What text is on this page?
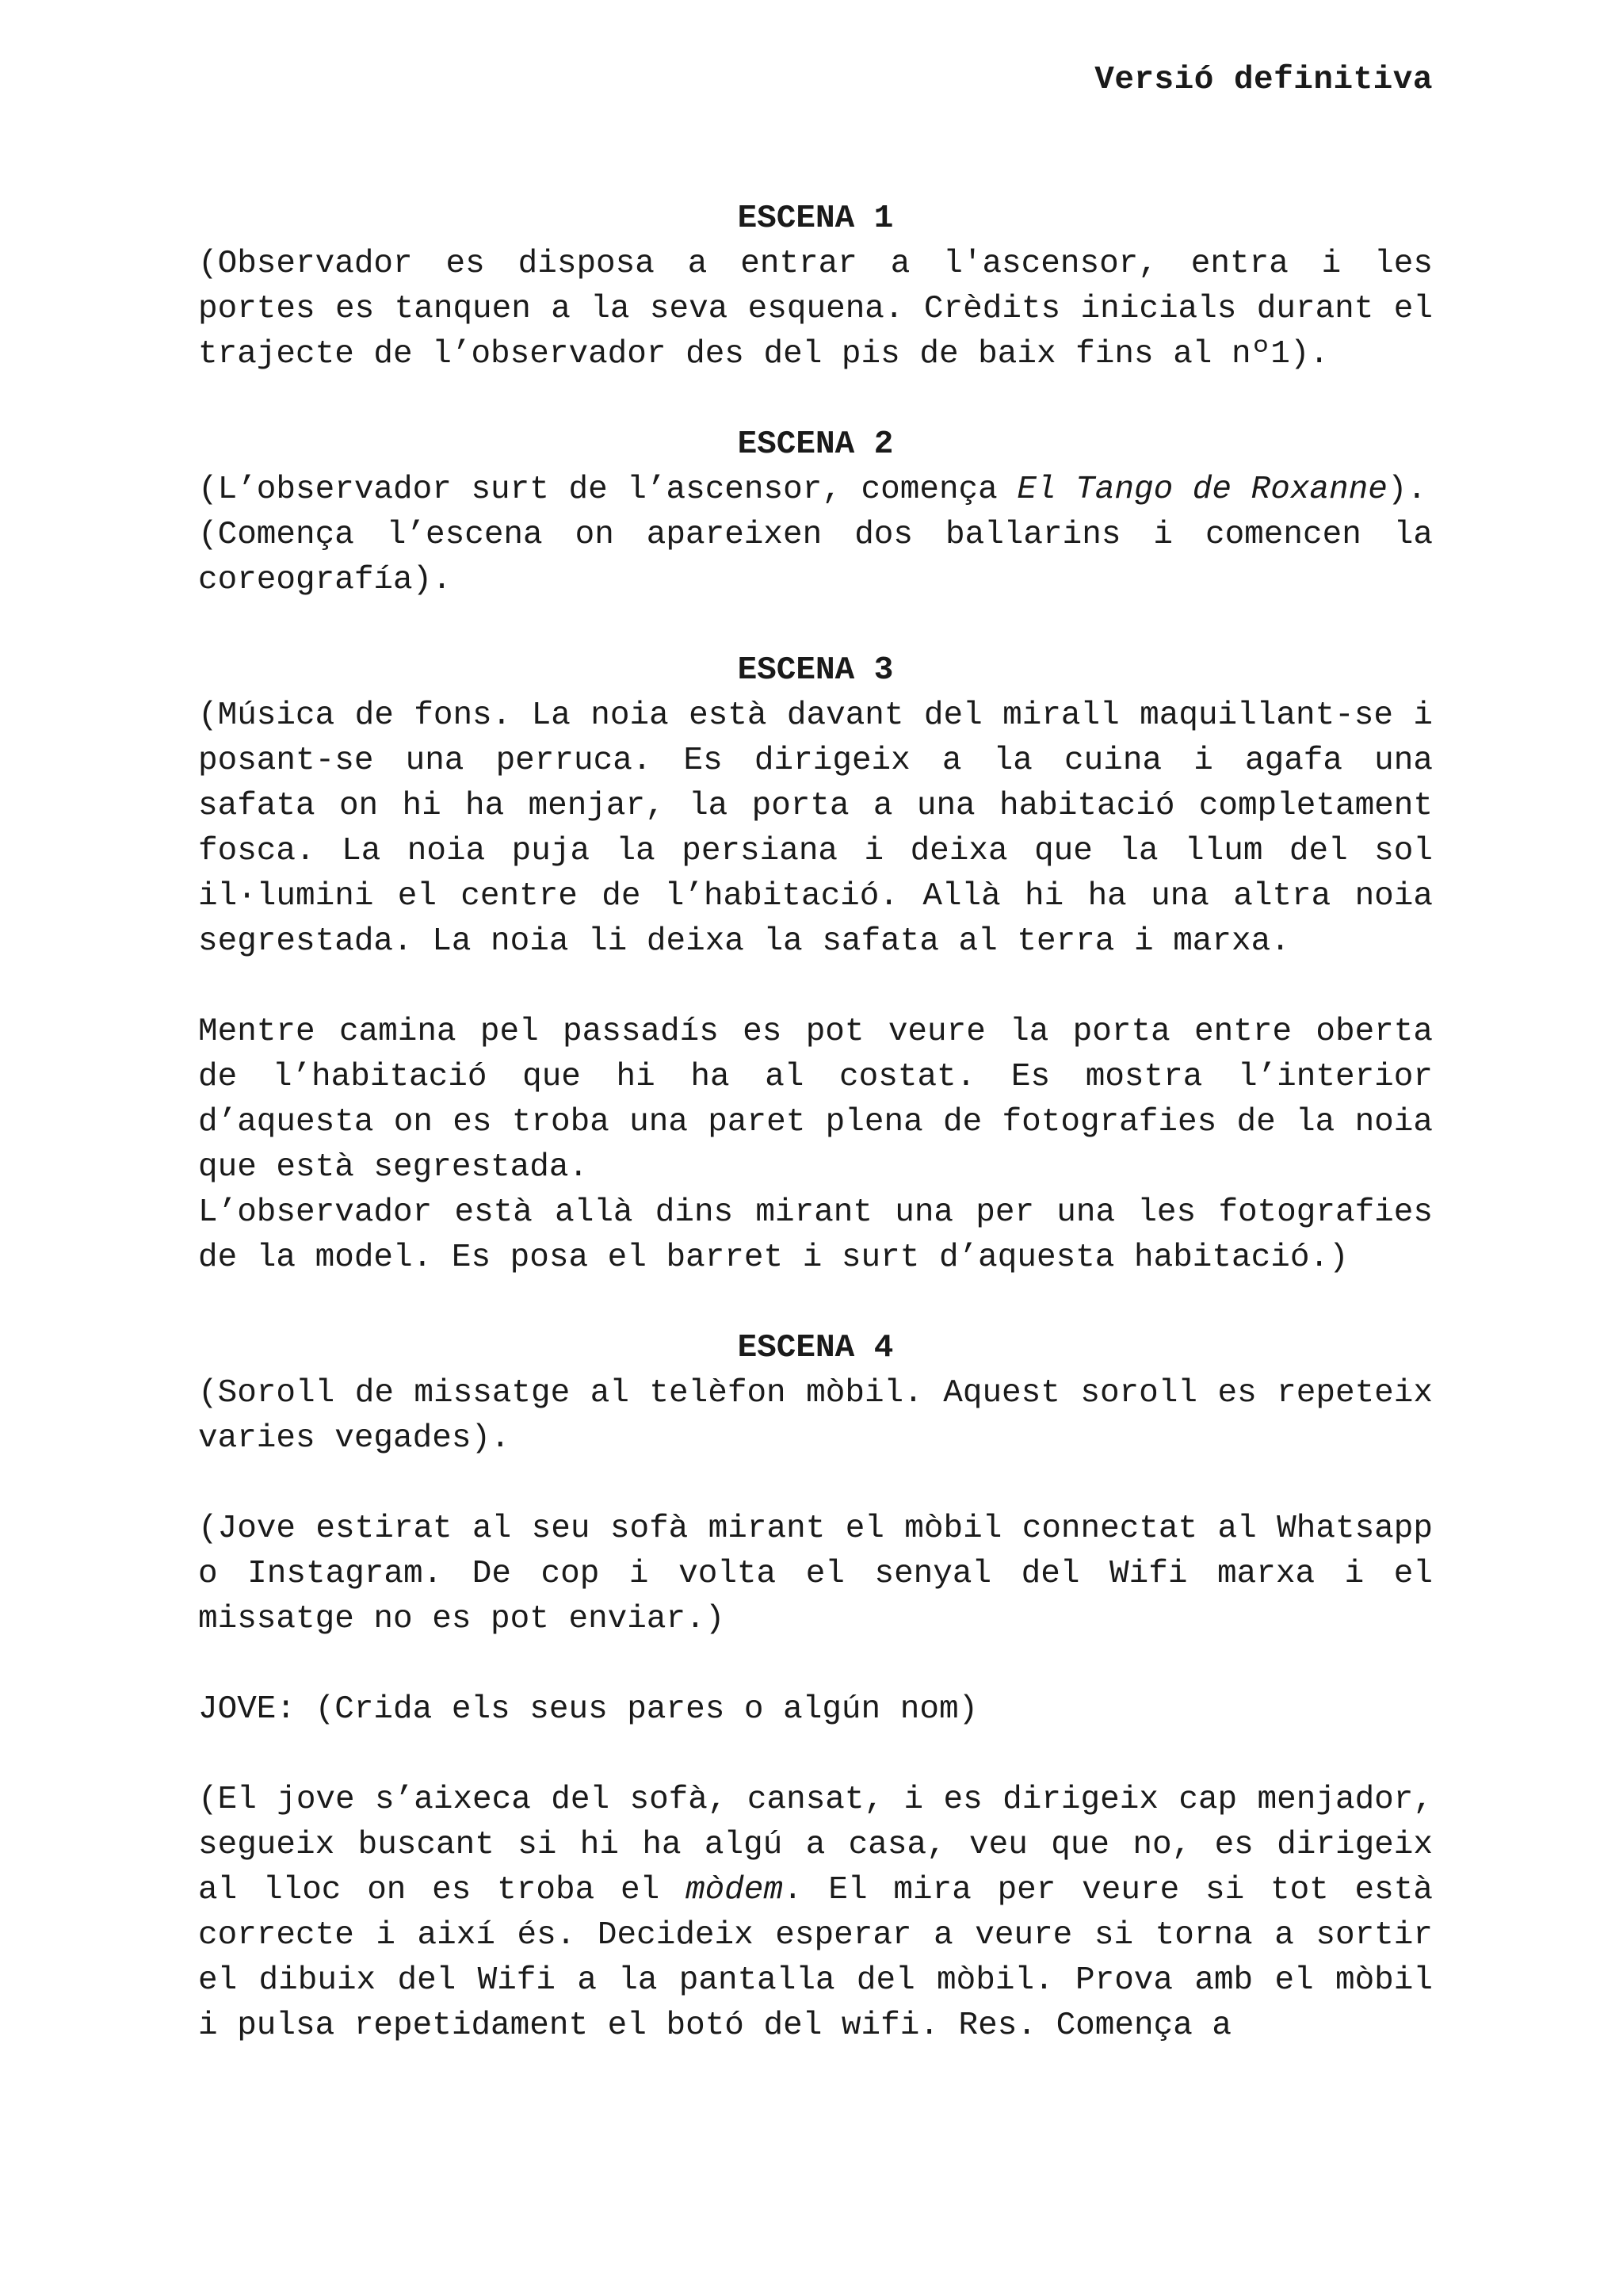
Versió definitiva

ESCENA 1

(Observador es disposa a entrar a l'ascensor, entra i les portes es tanquen a la seva esquena. Crèdits inicials durant el trajecte de l’observador des del pis de baix fins al nº1).

ESCENA 2

(L’observador surt de l’ascensor, comença El Tango de Roxanne).

(Comença l’escena on apareixen dos ballarins i comencen la coreografía).

ESCENA 3

(Música de fons. La noia està davant del mirall maquillant-se i posant-se una perruca. Es dirigeix a la cuina i agafa una safata on hi ha menjar, la porta a una habitació completament fosca. La noia puja la persiana i deixa que la llum del sol il·lumini el centre de l’habitació. Allà hi ha una altra noia segrestada. La noia li deixa la safata al terra i marxa.

Mentre camina pel passadís es pot veure la porta entre oberta de l’habitació que hi ha al costat. Es mostra l’interior d’aquesta on es troba una paret plena de fotografies de la noia que està segrestada.

L’observador està allà dins mirant una per una les fotografies de la model. Es posa el barret i surt d’aquesta habitació.)

ESCENA 4

(Soroll de missatge al telèfon mòbil. Aquest soroll es repeteix varies vegades).

(Jove estirat al seu sofà mirant el mòbil connectat al Whatsapp o Instagram. De cop i volta el senyal del Wifi marxa i el missatge no es pot enviar.)

JOVE: (Crida els seus pares o algún nom)

(El jove s’aixeca del sofà, cansat, i es dirigeix cap menjador, segueix buscant si hi ha algú a casa, veu que no, es dirigeix al lloc on es troba el mòdem. El mira per veure si tot està correcte i així és. Decideix esperar a veure si torna a sortir el dibuix del Wifi a la pantalla del mòbil. Prova amb el mòbil i pulsa repetidament el botó del wifi. Res. Comença a
